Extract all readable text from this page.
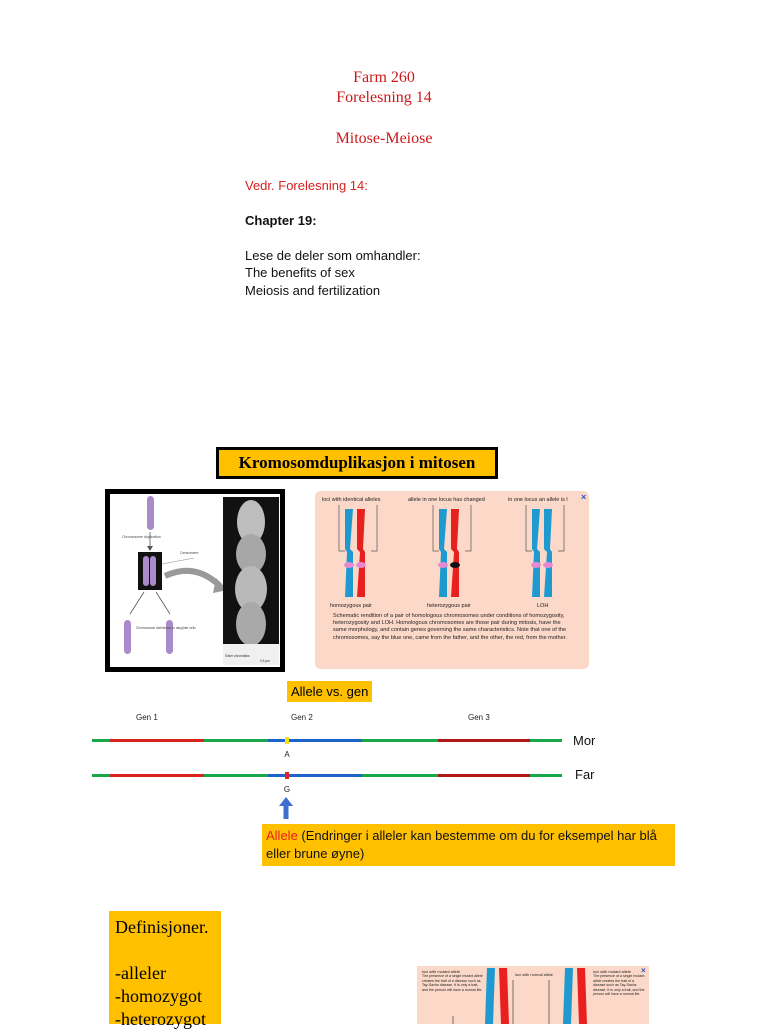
Farm 260
Forelesning 14
Mitose-Meiose
Vedr. Forelesning 14:
Chapter 19:
Lese de deler som omhandler:
The benefits of sex
Meiosis and fertilization
Kromosomduplikasjon i mitosen
Chromosome duplication
Centromere
Chromosome distribution to daughter cells
Sister chromatids
0.5 μm
loci with identical alleles	allele in one locus has changed	in one locus an allele is l ×
homozygous pair	heterozygous pair	LOH
Schematic rendition of a pair of homologous chromosomes under conditions of homozygosity, heterozygosity and LOH. Homologous chromosomes are those pair during mitosis, have the same morphology, and contain genes governing the same characteristics. Note that one of the chromosomes, say the blue one, came from the father, and the other, the red, from the mother.
Allele vs. gen
Gen 1	Gen 2	Gen 3
A
G
Mor
Far
Allele (Endringer i alleler kan bestemme om du for eksempel har blå eller brune øyne)
Definisjoner.
-alleler
-homozygot
-heterozygot
loci with mutant allele
The presence of a single mutant allele creates the trait of a disease such as Tay-Sachs disease. It is only a trait, and the person will have a normal life.
loci with normal allele
loci with mutant allele
The presence of a single mutant allele creates the trait of a disease such as Tay-Sachs disease. It is only a trait, and the person will have a normal life.
×
